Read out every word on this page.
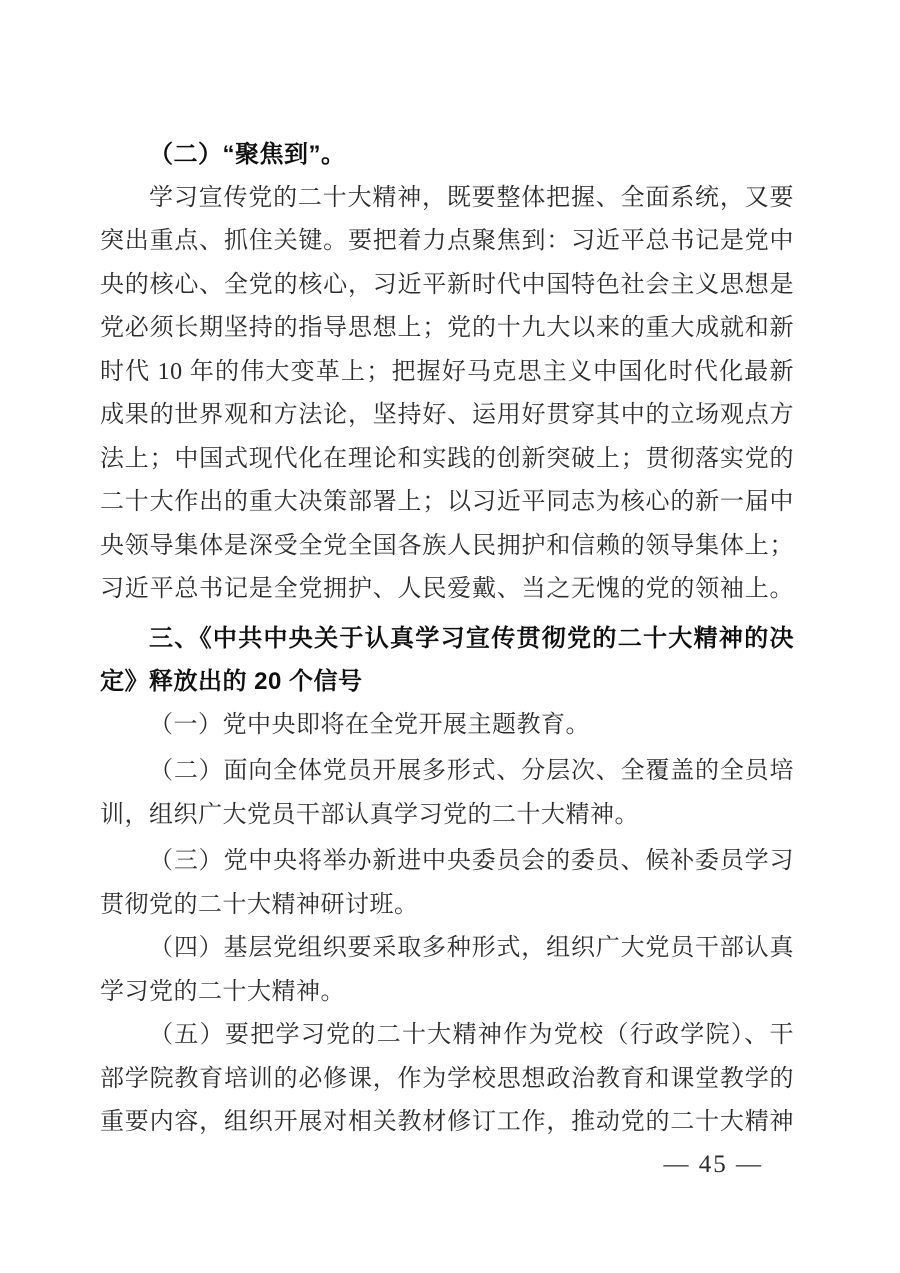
（二）“聚焦到”。
学习宣传党的二十大精神，既要整体把握、全面系统，又要
突出重点、抓住关键。要把着力点聚焦到：习近平总书记是党中
央的核心、全党的核心，习近平新时代中国特色社会主义思想是
党必须长期坚持的指导思想上；党的十九大以来的重大成就和新
时代 10 年的伟大变革上；把握好马克思主义中国化时代化最新
成果的世界观和方法论，坚持好、运用好贯穿其中的立场观点方
法上；中国式现代化在理论和实践的创新突破上；贯彻落实党的
二十大作出的重大决策部署上；以习近平同志为核心的新一届中
央领导集体是深受全党全国各族人民拥护和信赖的领导集体上；
习近平总书记是全党拥护、人民爱戴、当之无愧的党的领袖上。
三、《中共中央关于认真学习宣传贯彻党的二十大精神的决
定》释放出的 20 个信号
（一）党中央即将在全党开展主题教育。
（二）面向全体党员开展多形式、分层次、全覆盖的全员培
训，组织广大党员干部认真学习党的二十大精神。
（三）党中央将举办新进中央委员会的委员、候补委员学习
贯彻党的二十大精神研讨班。
（四）基层党组织要采取多种形式，组织广大党员干部认真
学习党的二十大精神。
（五）要把学习党的二十大精神作为党校（行政学院）、干
部学院教育培训的必修课，作为学校思想政治教育和课堂教学的
重要内容，组织开展对相关教材修订工作，推动党的二十大精神
— 45 —
